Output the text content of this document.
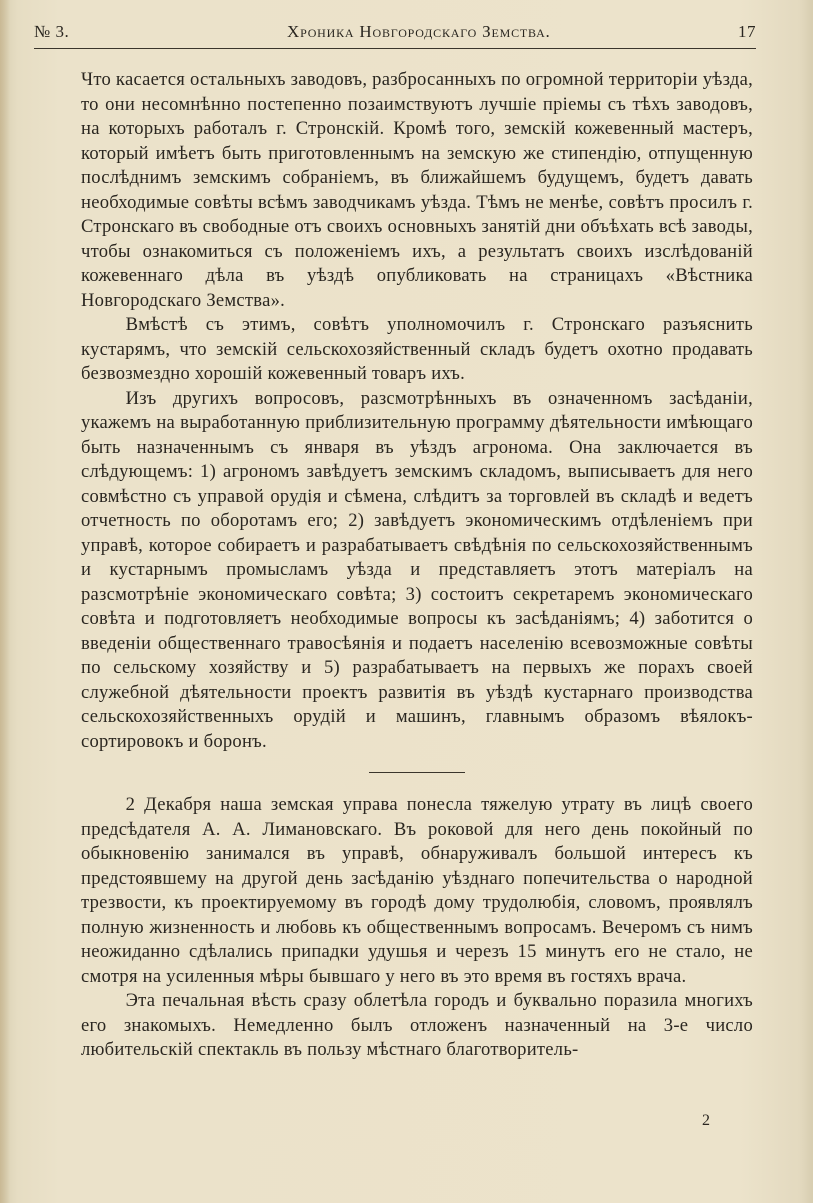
№ 3.	Хроника Новгородскаго Земства.	17

Что касается остальныхъ заводовъ, разбросанныхъ по огромной территоріи уѣзда, то они несомнѣнно постепенно позаимствуютъ лучшіе пріемы съ тѣхъ заводовъ, на которыхъ работалъ г. Стронскій. Кромѣ того, земскій кожевенный мастеръ, который имѣетъ быть приготовленнымъ на земскую же стипендію, отпущенную послѣднимъ земскимъ собраніемъ, въ ближайшемъ будущемъ, будетъ давать необходимые совѣты всѣмъ заводчикамъ уѣзда. Тѣмъ не менѣе, совѣтъ просилъ г. Стронскаго въ свободные отъ своихъ основныхъ занятій дни объѣхать всѣ заводы, чтобы ознакомиться съ положеніемъ ихъ, а результатъ своихъ изслѣдованій кожевеннаго дѣла въ уѣздѣ опубликовать на страницахъ «Вѣстника Новгородскаго Земства».

Вмѣстѣ съ этимъ, совѣтъ уполномочилъ г. Стронскаго разъяснить кустарямъ, что земскій сельскохозяйственный складъ будетъ охотно продавать безвозмездно хорошій кожевенный товаръ ихъ.

Изъ другихъ вопросовъ, разсмотрѣнныхъ въ означенномъ засѣданіи, укажемъ на выработанную приблизительную программу дѣятельности имѣющаго быть назначеннымъ съ января въ уѣздъ агронома. Она заключается въ слѣдующемъ: 1) агрономъ завѣдуетъ земскимъ складомъ, выписываетъ для него совмѣстно съ управой орудія и сѣмена, слѣдитъ за торговлей въ складѣ и ведетъ отчетность по оборотамъ его; 2) завѣдуетъ экономическимъ отдѣленіемъ при управѣ, которое собираетъ и разрабатываетъ свѣдѣнія по сельскохозяйственнымъ и кустарнымъ промысламъ уѣзда и представляетъ этотъ матеріалъ на разсмотрѣніе экономическаго совѣта; 3) состоитъ секретаремъ экономическаго совѣта и подготовляетъ необходимые вопросы къ засѣданіямъ; 4) заботится о введеніи общественнаго травосѣянія и подаетъ населенію всевозможные совѣты по сельскому хозяйству и 5) разрабатываетъ на первыхъ же порахъ своей служебной дѣятельности проектъ развитія въ уѣздѣ кустарнаго производства сельскохозяйственныхъ орудій и машинъ, главнымъ образомъ вѣялокъ-сортировокъ и боронъ.

2 Декабря наша земская управа понесла тяжелую утрату въ лицѣ своего предсѣдателя А. А. Лимановскаго. Въ роковой для него день покойный по обыкновенію занимался въ управѣ, обнаруживалъ большой интересъ къ предстоявшему на другой день засѣданію уѣзднаго попечительства о народной трезвости, къ проектируемому въ городѣ дому трудолюбія, словомъ, проявлялъ полную жизненность и любовь къ общественнымъ вопросамъ. Вечеромъ съ нимъ неожиданно сдѣлались припадки удушья и черезъ 15 минутъ его не стало, не смотря на усиленныя мѣры бывшаго у него въ это время въ гостяхъ врача.

Эта печальная вѣсть сразу облетѣла городъ и буквально поразила многихъ его знакомыхъ. Немедленно былъ отложенъ назначенный на 3-е число любительскій спектакль въ пользу мѣстнаго благотворитель-

2
